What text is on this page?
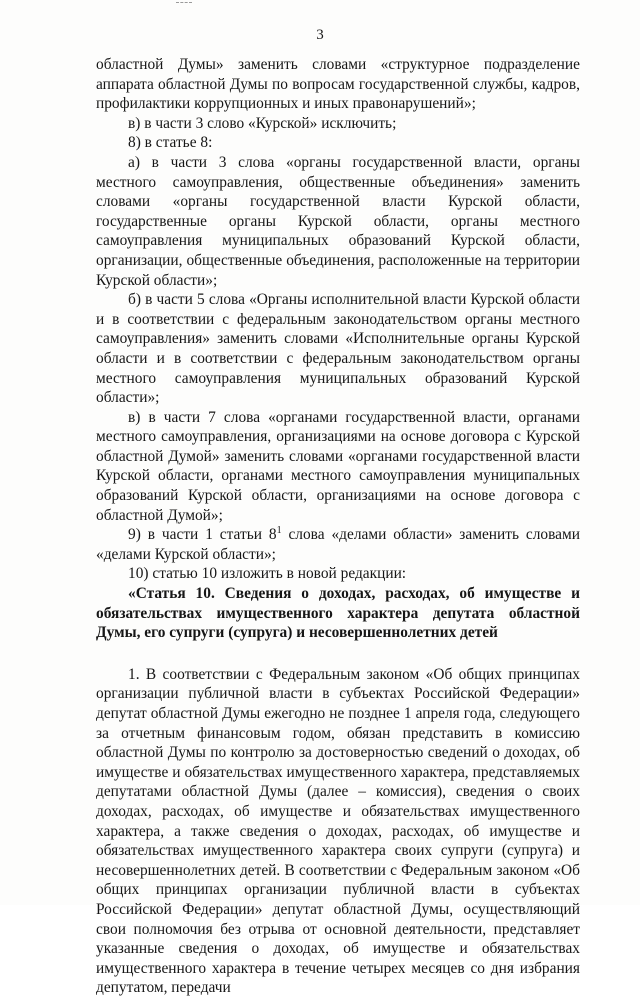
3

областной Думы» заменить словами «структурное подразделение аппарата областной Думы по вопросам государственной службы, кадров, профилактики коррупционных и иных правонарушений»;

в) в части 3 слово «Курской» исключить;

8) в статье 8:

а) в части 3 слова «органы государственной власти, органы местного самоуправления, общественные объединения» заменить словами «органы государственной власти Курской области, государственные органы Курской области, органы местного самоуправления муниципальных образований Курской области, организации, общественные объединения, расположенные на территории Курской области»;

б) в части 5 слова «Органы исполнительной власти Курской области и в соответствии с федеральным законодательством органы местного самоуправления» заменить словами «Исполнительные органы Курской области и в соответствии с федеральным законодательством органы местного самоуправления муниципальных образований Курской области»;

в) в части 7 слова «органами государственной власти, органами местного самоуправления, организациями на основе договора с Курской областной Думой» заменить словами «органами государственной власти Курской области, органами местного самоуправления муниципальных образований Курской области, организациями на основе договора с областной Думой»;

9) в части 1 статьи $8^1$ слова «делами области» заменить словами «делами Курской области»;

10) статью 10 изложить в новой редакции:

«Статья 10. Сведения о доходах, расходах, об имуществе и обязательствах имущественного характера депутата областной Думы, его супруги (супруга) и несовершеннолетних детей

1. В соответствии с Федеральным законом «Об общих принципах организации публичной власти в субъектах Российской Федерации» депутат областной Думы ежегодно не позднее 1 апреля года, следующего за отчетным финансовым годом, обязан представить в комиссию областной Думы по контролю за достоверностью сведений о доходах, об имуществе и обязательствах имущественного характера, представляемых депутатами областной Думы (далее – комиссия), сведения о своих доходах, расходах, об имуществе и обязательствах имущественного характера, а также сведения о доходах, расходах, об имуществе и обязательствах имущественного характера своих супруги (супруга) и несовершеннолетних детей. В соответствии с Федеральным законом «Об общих принципах организации публичной власти в субъектах Российской Федерации» депутат областной Думы, осуществляющий свои полномочия без отрыва от основной деятельности, представляет указанные сведения о доходах, об имуществе и обязательствах имущественного характера в течение четырех месяцев со дня избрания депутатом, передачи
